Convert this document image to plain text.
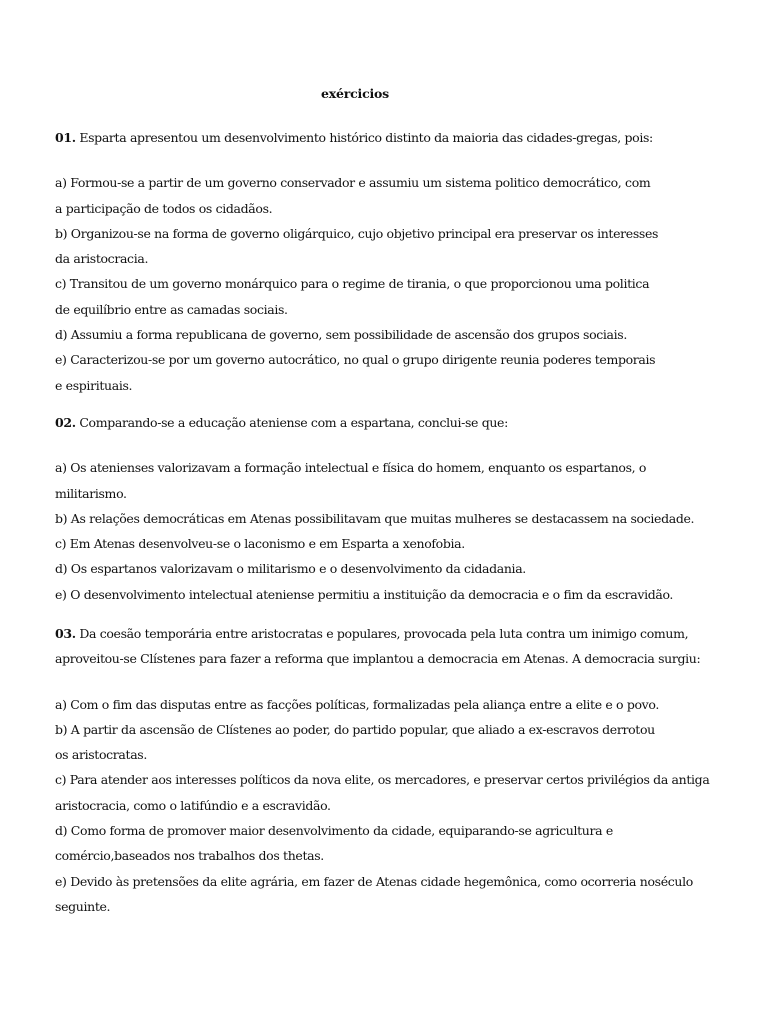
exércicios
01. Esparta apresentou um desenvolvimento histórico distinto da maioria das cidades-gregas, pois:
a) Formou-se a partir de um governo conservador e assumiu um sistema politico democrático, com
a participação de todos os cidadãos.
b) Organizou-se na forma de governo oligárquico, cujo objetivo principal era preservar os interesses
da aristocracia.
c) Transitou de um governo monárquico para o regime de tirania, o que proporcionou uma politica
de equilíbrio entre as camadas sociais.
d) Assumiu a forma republicana de governo, sem possibilidade de ascensão dos grupos sociais.
e) Caracterizou-se por um governo autocrático, no qual o grupo dirigente reunia poderes temporais
e espirituais.
02. Comparando-se a educação ateniense com a espartana, conclui-se que:
a) Os atenienses valorizavam a formação intelectual e física do homem, enquanto os espartanos, o
militarismo.
b) As relações democráticas em Atenas possibilitavam que muitas mulheres se destacassem na sociedade.
c) Em Atenas desenvolveu-se o laconismo e em Esparta a xenofobia.
d) Os espartanos valorizavam o militarismo e o desenvolvimento da cidadania.
e) O desenvolvimento intelectual ateniense permitiu a instituição da democracia e o fim da escravidão.
03. Da coesão temporária entre aristocratas e populares, provocada pela luta contra um inimigo comum,
aproveitou-se Clístenes para fazer a reforma que implantou a democracia em Atenas. A democracia surgiu:
a) Com o fim das disputas entre as facções políticas, formalizadas pela aliança entre a elite e o povo.
b) A partir da ascensão de Clístenes ao poder, do partido popular, que aliado a ex-escravos derrotou
os aristocratas.
c) Para atender aos interesses políticos da nova elite, os mercadores, e preservar certos privilégios da antiga
aristocracia, como o latifúndio e a escravidão.
d) Como forma de promover maior desenvolvimento da cidade, equiparando-se agricultura e
comércio,baseados nos trabalhos dos thetas.
e) Devido às pretensões da elite agrária, em fazer de Atenas cidade hegemônica, como ocorreria noséculo
seguinte.
